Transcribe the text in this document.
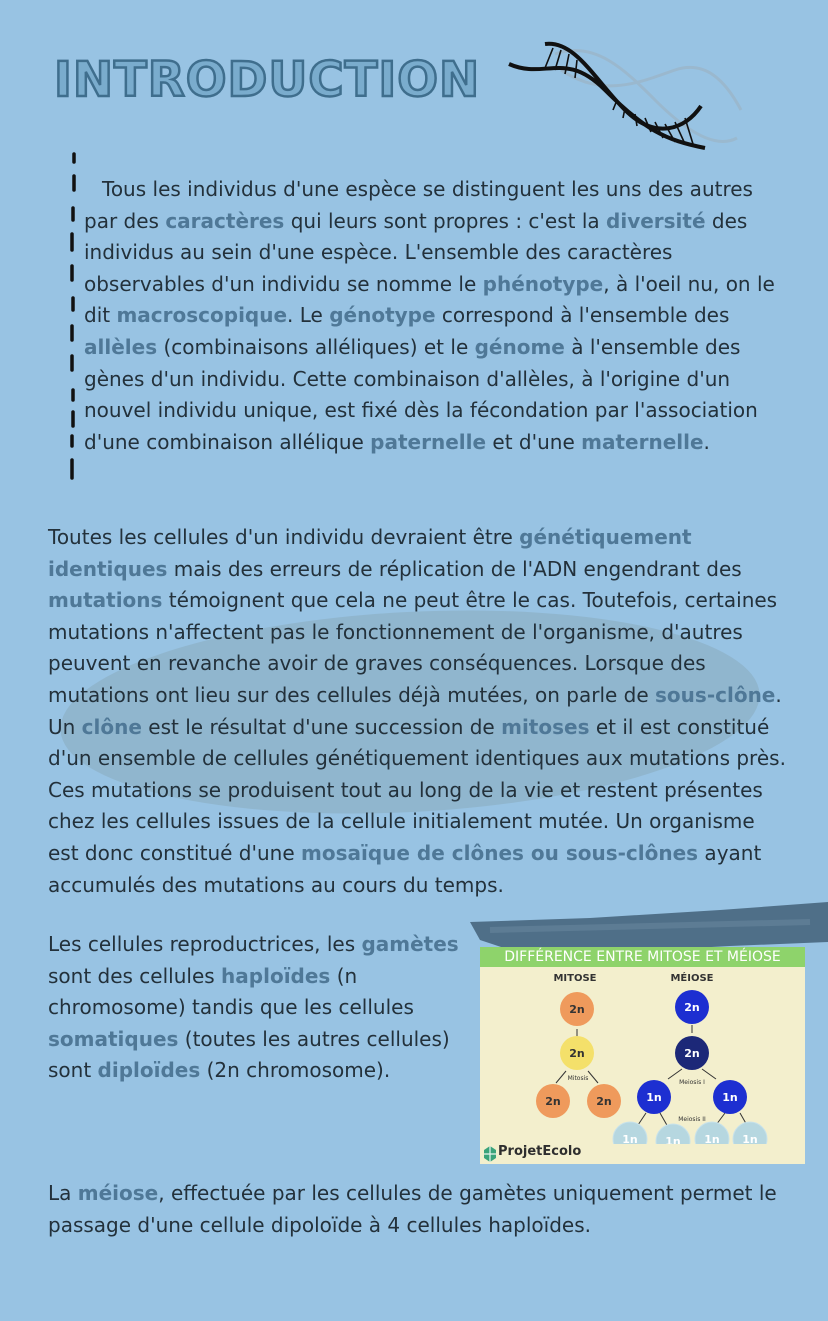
INTRODUCTION

Tous les individus d'une espèce se distinguent les uns des autres par des caractères qui leurs sont propres : c'est la diversité des individus au sein d'une espèce. L'ensemble des caractères observables d'un individu se nomme le phénotype, à l'oeil nu, on le dit macroscopique. Le génotype correspond à l'ensemble des allèles (combinaisons alléliques) et le génome à l'ensemble des gènes d'un individu. Cette combinaison d'allèles, à l'origine d'un nouvel individu unique, est fixé dès la fécondation par l'association d'une combinaison allélique paternelle et d'une maternelle.

Toutes les cellules d'un individu devraient être génétiquement identiques mais des erreurs de réplication de l'ADN engendrant des mutations témoignent que cela ne peut être le cas. Toutefois, certaines mutations n'affectent pas le fonctionnement de l'organisme, d'autres peuvent en revanche avoir de graves conséquences. Lorsque des mutations ont lieu sur des cellules déjà mutées, on parle de sous-clône. Un clône est le résultat d'une succession de mitoses et il est constitué d'un ensemble de cellules génétiquement identiques aux mutations près. Ces mutations se produisent tout au long de la vie et restent présentes chez les cellules issues de la cellule initialement mutée. Un organisme est donc constitué d'une mosaïque de clônes ou sous-clônes ayant accumulés des mutations au cours du temps.

Les cellules reproductrices, les gamètes sont des cellules haploïdes (n chromosome) tandis que les cellules somatiques (toutes les autres cellules) sont diploïdes (2n chromosome).

DIFFÉRENCE ENTRE MITOSE ET MÉIOSE
MITOSE	MÉIOSE
Mitosis
Meiosis I
Meiosis II
2n
2n
2n	2n
2n
2n
1n	1n
1n	1n 1n 1n
ProjetEcolo

La méiose, effectuée par les cellules de gamètes uniquement permet le passage d'une cellule dipoloïde à 4 cellules haploïdes.
